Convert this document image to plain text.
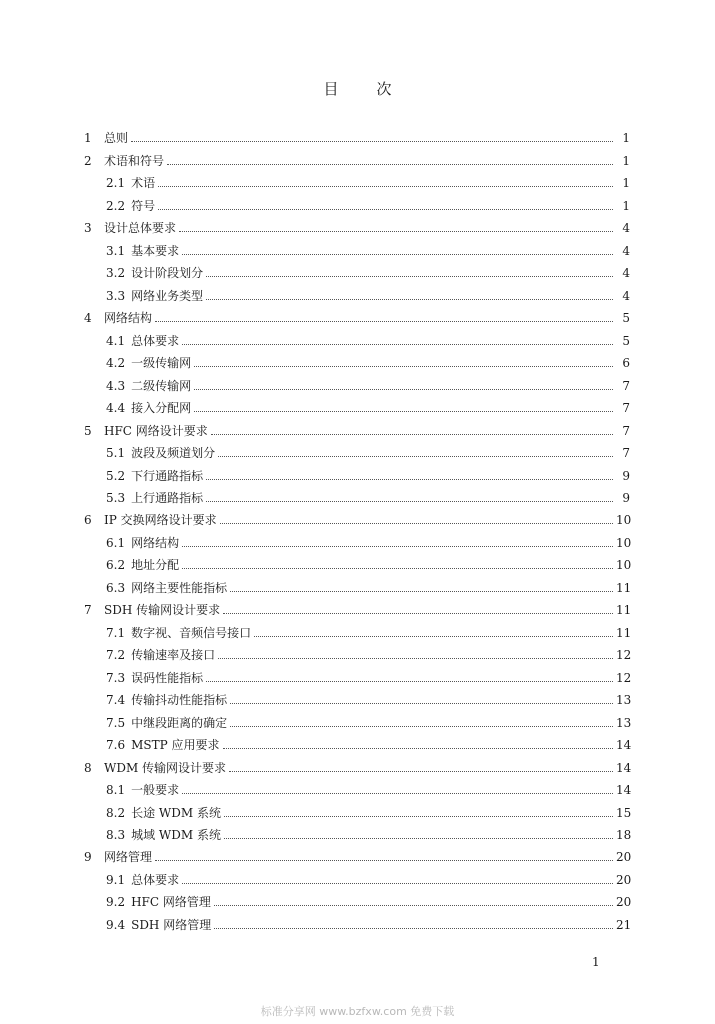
目	次
1	总则	1
2	术语和符号	1
2.1 术语	1
2.2 符号	1
3	设计总体要求	4
3.1 基本要求	4
3.2 设计阶段划分	4
3.3 网络业务类型	4
4	网络结构	5
4.1 总体要求	5
4.2 一级传输网	6
4.3 二级传输网	7
4.4 接入分配网	7
5	HFC 网络设计要求	7
5.1 波段及频道划分	7
5.2 下行通路指标	9
5.3 上行通路指标	9
6	IP 交换网络设计要求	10
6.1 网络结构	10
6.2 地址分配	10
6.3 网络主要性能指标	11
7	SDH 传输网设计要求	11
7.1 数字视、音频信号接口	11
7.2 传输速率及接口	12
7.3 误码性能指标	12
7.4 传输抖动性能指标	13
7.5 中继段距离的确定	13
7.6 MSTP 应用要求	14
8	WDM 传输网设计要求	14
8.1 一般要求	14
8.2 长途 WDM 系统	15
8.3 城域 WDM 系统	18
9	网络管理	20
9.1 总体要求	20
9.2 HFC 网络管理	20
9.4 SDH 网络管理	21
1
标准分享网 www.bzfxw.com 免费下载
